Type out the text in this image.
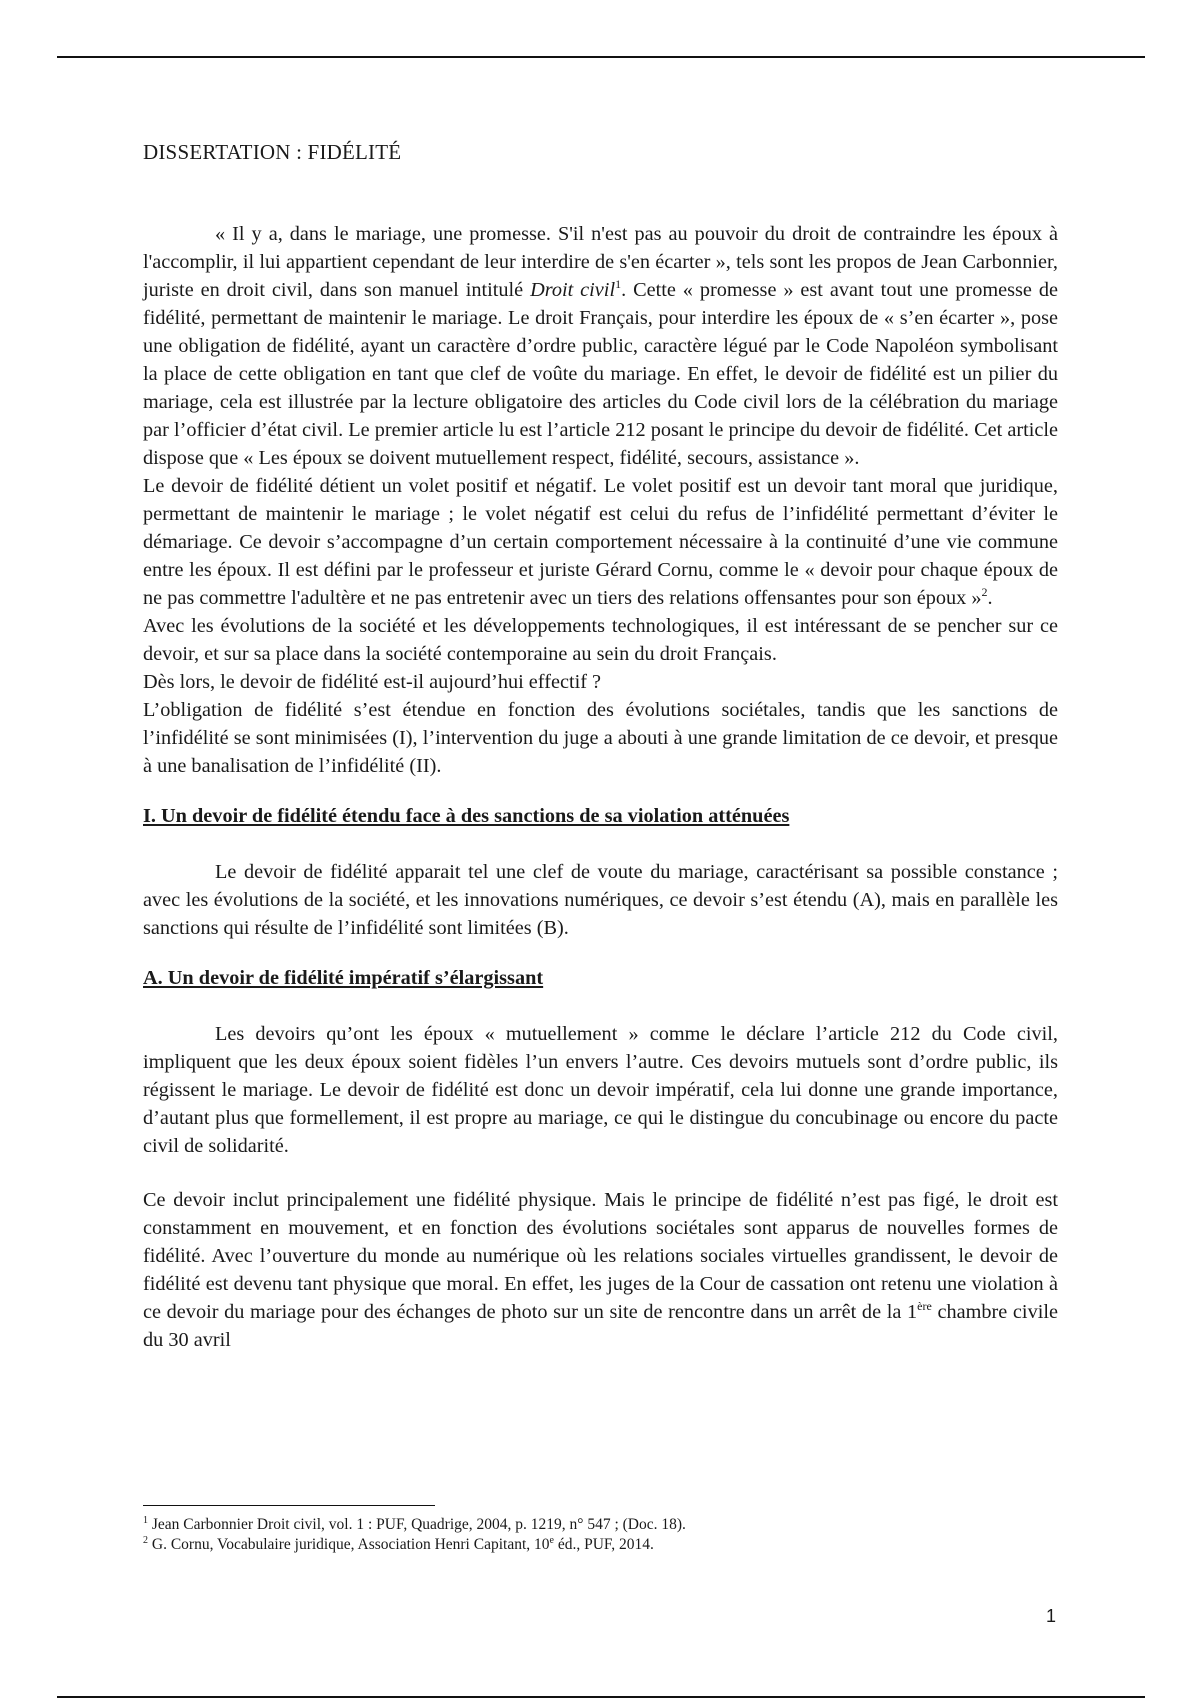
DISSERTATION : FIDÉLITÉ

« Il y a, dans le mariage, une promesse. S'il n'est pas au pouvoir du droit de contraindre les époux à l'accomplir, il lui appartient cependant de leur interdire de s'en écarter », tels sont les propos de Jean Carbonnier, juriste en droit civil, dans son manuel intitulé Droit civil$^1$. Cette « promesse » est avant tout une promesse de fidélité, permettant de maintenir le mariage. Le droit Français, pour interdire les époux de « s’en écarter », pose une obligation de fidélité, ayant un caractère d’ordre public, caractère légué par le Code Napoléon symbolisant la place de cette obligation en tant que clef de voûte du mariage. En effet, le devoir de fidélité est un pilier du mariage, cela est illustrée par la lecture obligatoire des articles du Code civil lors de la célébration du mariage par l’officier d’état civil. Le premier article lu est l’article 212 posant le principe du devoir de fidélité. Cet article dispose que « Les époux se doivent mutuellement respect, fidélité, secours, assistance ».

Le devoir de fidélité détient un volet positif et négatif. Le volet positif est un devoir tant moral que juridique, permettant de maintenir le mariage ; le volet négatif est celui du refus de l’infidélité permettant d’éviter le démariage. Ce devoir s’accompagne d’un certain comportement nécessaire à la continuité d’une vie commune entre les époux. Il est défini par le professeur et juriste Gérard Cornu, comme le « devoir pour chaque époux de ne pas commettre l'adultère et ne pas entretenir avec un tiers des relations offensantes pour son époux »$^2$.

Avec les évolutions de la société et les développements technologiques, il est intéressant de se pencher sur ce devoir, et sur sa place dans la société contemporaine au sein du droit Français.

Dès lors, le devoir de fidélité est-il aujourd’hui effectif ?

L’obligation de fidélité s’est étendue en fonction des évolutions sociétales, tandis que les sanctions de l’infidélité se sont minimisées (I), l’intervention du juge a abouti à une grande limitation de ce devoir, et presque à une banalisation de l’infidélité (II).

I. Un devoir de fidélité étendu face à des sanctions de sa violation atténuées

Le devoir de fidélité apparait tel une clef de voute du mariage, caractérisant sa possible constance ; avec les évolutions de la société, et les innovations numériques, ce devoir s’est étendu (A), mais en parallèle les sanctions qui résulte de l’infidélité sont limitées (B).

A. Un devoir de fidélité impératif s’élargissant

Les devoirs qu’ont les époux « mutuellement » comme le déclare l’article 212 du Code civil, impliquent que les deux époux soient fidèles l’un envers l’autre. Ces devoirs mutuels sont d’ordre public, ils régissent le mariage. Le devoir de fidélité est donc un devoir impératif, cela lui donne une grande importance, d’autant plus que formellement, il est propre au mariage, ce qui le distingue du concubinage ou encore du pacte civil de solidarité.

Ce devoir inclut principalement une fidélité physique. Mais le principe de fidélité n’est pas figé, le droit est constamment en mouvement, et en fonction des évolutions sociétales sont apparus de nouvelles formes de fidélité. Avec l’ouverture du monde au numérique où les relations sociales virtuelles grandissent, le devoir de fidélité est devenu tant physique que moral. En effet, les juges de la Cour de cassation ont retenu une violation à ce devoir du mariage pour des échanges de photo sur un site de rencontre dans un arrêt de la 1ère chambre civile du 30 avril

$^1$ Jean Carbonnier Droit civil, vol. 1 : PUF, Quadrige, 2004, p. 1219, n° 547 ; (Doc. 18).
$^2$ G. Cornu, Vocabulaire juridique, Association Henri Capitant, 10e éd., PUF, 2014.
1
